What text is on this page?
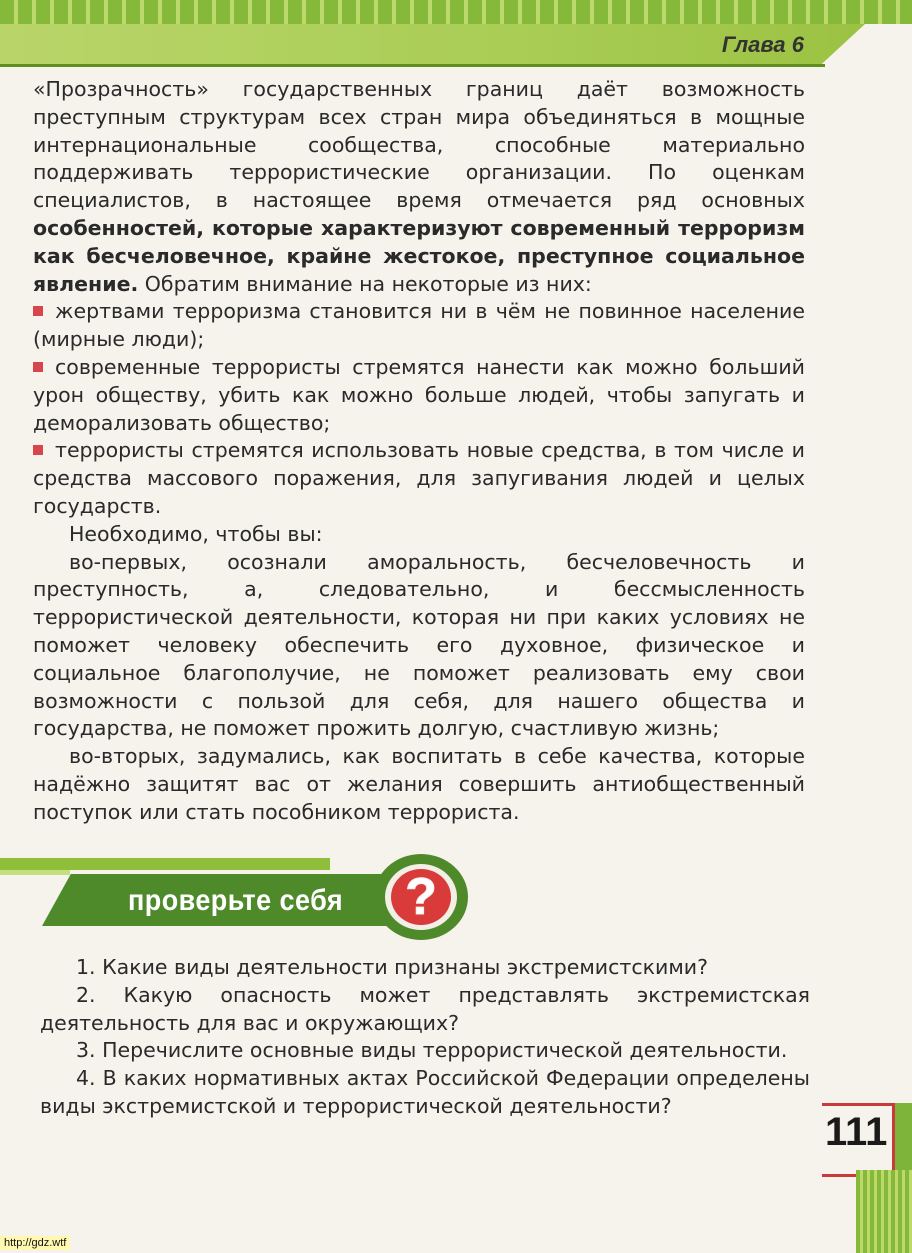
Глава 6

«Прозрачность» государственных границ даёт возможность преступным структурам всех стран мира объединяться в мощные интернациональные сообщества, способные материально поддерживать террористические организации. По оценкам специалистов, в настоящее время отмечается ряд основных особенностей, которые характеризуют современный терроризм как бесчеловечное, крайне жестокое, преступное социальное явление. Обратим внимание на некоторые из них:

жертвами терроризма становится ни в чём не повинное население (мирные люди);

современные террористы стремятся нанести как можно больший урон обществу, убить как можно больше людей, чтобы запугать и деморализовать общество;

террористы стремятся использовать новые средства, в том числе и средства массового поражения, для запугивания людей и целых государств.

Необходимо, чтобы вы:

во-первых, осознали аморальность, бесчеловечность и преступность, а, следовательно, и бессмысленность террористической деятельности, которая ни при каких условиях не поможет человеку обеспечить его духовное, физическое и социальное благополучие, не поможет реализовать ему свои возможности с пользой для себя, для нашего общества и государства, не поможет прожить долгую, счастливую жизнь;

во-вторых, задумались, как воспитать в себе качества, которые надёжно защитят вас от желания совершить антиобщественный поступок или стать пособником террориста.

проверьте себя ?

1. Какие виды деятельности признаны экстремистскими?

2. Какую опасность может представлять экстремистская деятельность для вас и окружающих?

3. Перечислите основные виды террористической деятельности.

4. В каких нормативных актах Российской Федерации определены виды экстремистской и террористической деятельности?

111
http://gdz.wtf
